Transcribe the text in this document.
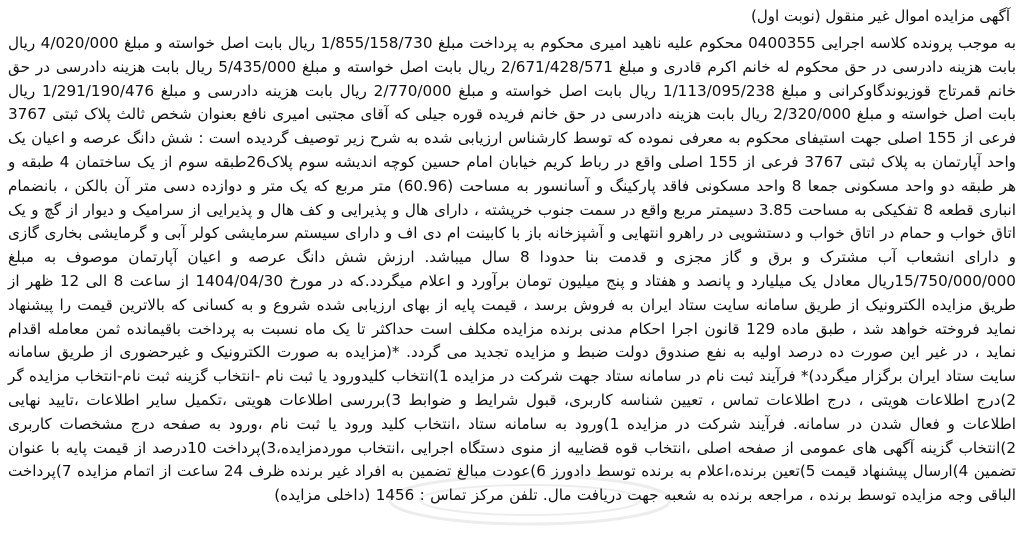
آگهی مزایده اموال غیر منقول (نوبت اول)

به موجب پرونده کلاسه اجرایی 0400355 محکوم علیه ناهید امیری محکوم به پرداخت مبلغ 1/855/158/730 ریال بابت اصل خواسته و مبلغ 4/020/000 ریال بابت هزینه دادرسی در حق محکوم له خانم اکرم قادری و مبلغ 2/671/428/571 ریال بابت اصل خواسته و مبلغ 5/435/000 ریال بابت هزینه دادرسی در حق خانم قمرتاج قوزیوندگاوکرانی و مبلغ 1/113/095/238 ریال بابت اصل خواسته و مبلغ 2/770/000 ریال بابت هزینه دادرسی و مبلغ 1/291/190/476 ریال بابت اصل خواسته و مبلغ 2/320/000 ریال بابت هزینه دادرسی در حق خانم فریده قوره جیلی که آقای مجتبی امیری نافع بعنوان شخص ثالث پلاک ثبتی 3767 فرعی از 155 اصلی جهت استیفای محکوم به معرفی نموده که توسط کارشناس ارزیابی شده به شرح زیر توصیف گردیده است : شش دانگ عرصه و اعیان یک واحد آپارتمان به پلاک ثبتی 3767 فرعی از 155 اصلی واقع در رباط کریم خیابان امام حسین کوچه اندیشه سوم پلاک26طبقه سوم از یک ساختمان 4 طبقه و هر طبقه دو واحد مسکونی جمعا 8 واحد مسکونی فاقد پارکینگ و آسانسور به مساحت (60.96) متر مربع که یک متر و دوازده دسی متر آن بالکن ، بانضمام انباری قطعه 8 تفکیکی به مساحت 3.85 دسیمتر مربع واقع در سمت جنوب خرپشته ، دارای هال و پذیرایی و کف هال و پذیرایی از سرامیک و دیوار از گچ و یک اتاق خواب و حمام در اتاق خواب و دستشویی در راهرو انتهایی و آشپزخانه باز با کابینت ام دی اف و دارای سیستم سرمایشی کولر آبی و گرمایشی بخاری گازی و دارای انشعاب آب مشترک و برق و گاز مجزی و قدمت بنا حدودا 8 سال میباشد. ارزش شش دانگ عرصه و اعیان آپارتمان موصوف به مبلغ 15/750/000/000ریال معادل یک میلیارد و پانصد و هفتاد و پنج میلیون تومان برآورد و اعلام میگردد.که در مورخ 1404/04/30 از ساعت 8 الی 12 ظهر از طریق مزایده الکترونیک از طریق سامانه سایت ستاد ایران به فروش برسد ، قیمت پایه از بهای ارزیابی شده شروع و به کسانی که بالاترین قیمت را پیشنهاد نماید فروخته خواهد شد ، طبق ماده 129 قانون اجرا احکام مدنی برنده مزایده مکلف است حداکثر تا یک ماه نسبت به پرداخت باقیمانده ثمن معامله اقدام نماید ، در غیر این صورت ده درصد اولیه به نفع صندوق دولت ضبط و مزایده تجدید می گردد. *(مزایده به صورت الکترونیک و غیرحضوری از طریق سامانه سایت ستاد ایران برگزار میگردد)* فرآیند ثبت نام در سامانه ستاد جهت شرکت در مزایده 1)انتخاب کلیدورود یا ثبت نام -انتخاب گزینه ثبت نام-انتخاب مزایده گر 2)درج اطلاعات هویتی ، درج اطلاعات تماس ، تعیین شناسه کاربری، قبول شرایط و ضوابط 3)بررسی اطلاعات هویتی ،تکمیل سایر اطلاعات ،تایید نهایی اطلاعات و فعال شدن در سامانه. فرآیند شرکت در مزایده 1)ورود به سامانه ستاد ،انتخاب کلید ورود یا ثبت نام ،ورود به صفحه درج مشخصات کاربری 2)انتخاب گزینه آگهی های عمومی از صفحه اصلی ،انتخاب قوه قضاییه از منوی دستگاه اجرایی ،انتخاب موردمزایده،3)پرداخت 10درصد از قیمت پایه با عنوان تضمین 4)ارسال پیشنهاد قیمت 5)تعین برنده،اعلام به برنده توسط دادورز 6)عودت مبالغ تضمین به افراد غیر برنده ظرف 24 ساعت از اتمام مزایده 7)پرداخت الباقی وجه مزایده توسط برنده ، مراجعه برنده به شعبه جهت دریافت مال. تلفن مرکز تماس : 1456 (داخلی مزایده)
